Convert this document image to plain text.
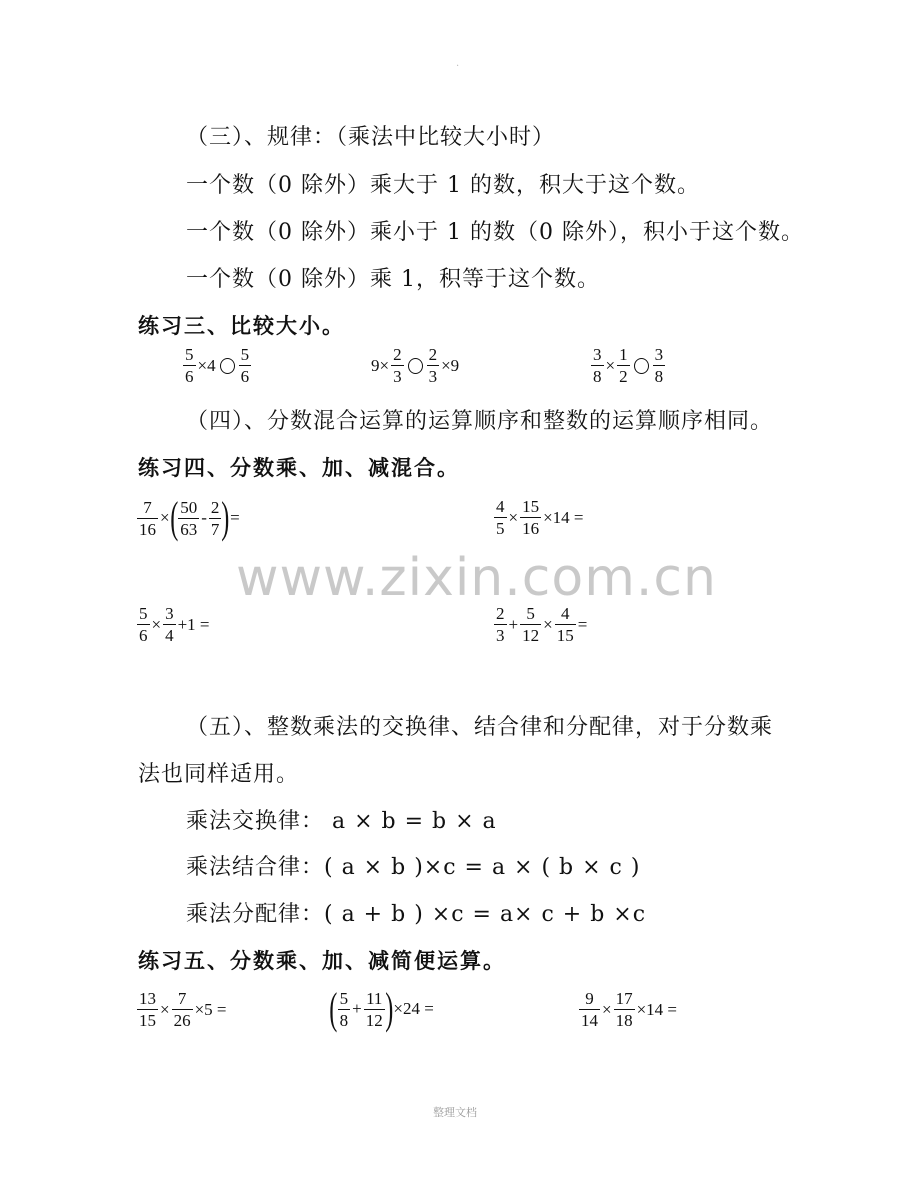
.
（三）、规律：（乘法中比较大小时）
一个数（0 除外）乘大于 1 的数，积大于这个数。
一个数（0 除外）乘小于 1 的数（0 除外），积小于这个数。
一个数（0 除外）乘 1，积等于这个数。
练习三、比较大小。
$\frac{5}{6} \times 4 \frac{5}{6}$	$9\times \frac{2}{3} \frac{2}{3} \times 9$	$\frac{3}{8} \times \frac{1}{2} \frac{3}{8}$
（四）、分数混合运算的运算顺序和整数的运算顺序相同。
练习四、分数乘、加、减混合。
$\frac{7}{16}$ × ( $\frac{50}{63} - \frac{2}{7}$ ) =	$\frac{4}{5} \times \frac{15}{16} \times 14$ =
www.zixin.com.cn
$\frac{5}{6} \times \frac{3}{4} +1$ =	$\frac{2}{3} + \frac{5}{12} \times \frac{4}{15}$ =
（五）、整数乘法的交换律、结合律和分配律，对于分数乘
法也同样适用。
乘法交换律： a × b = b × a
乘法结合律：( a × b )×c = a × ( b × c )
乘法分配律：( a + b ) ×c = a× c + b ×c
练习五、分数乘、加、减简便运算。
$\frac{13}{15} \times \frac{7}{26} \times 5$ = ( $\frac{5}{8} + \frac{11}{12}$ ) ×24 =	$\frac{9}{14} \times \frac{17}{18} \times 14$ =
整理文档
